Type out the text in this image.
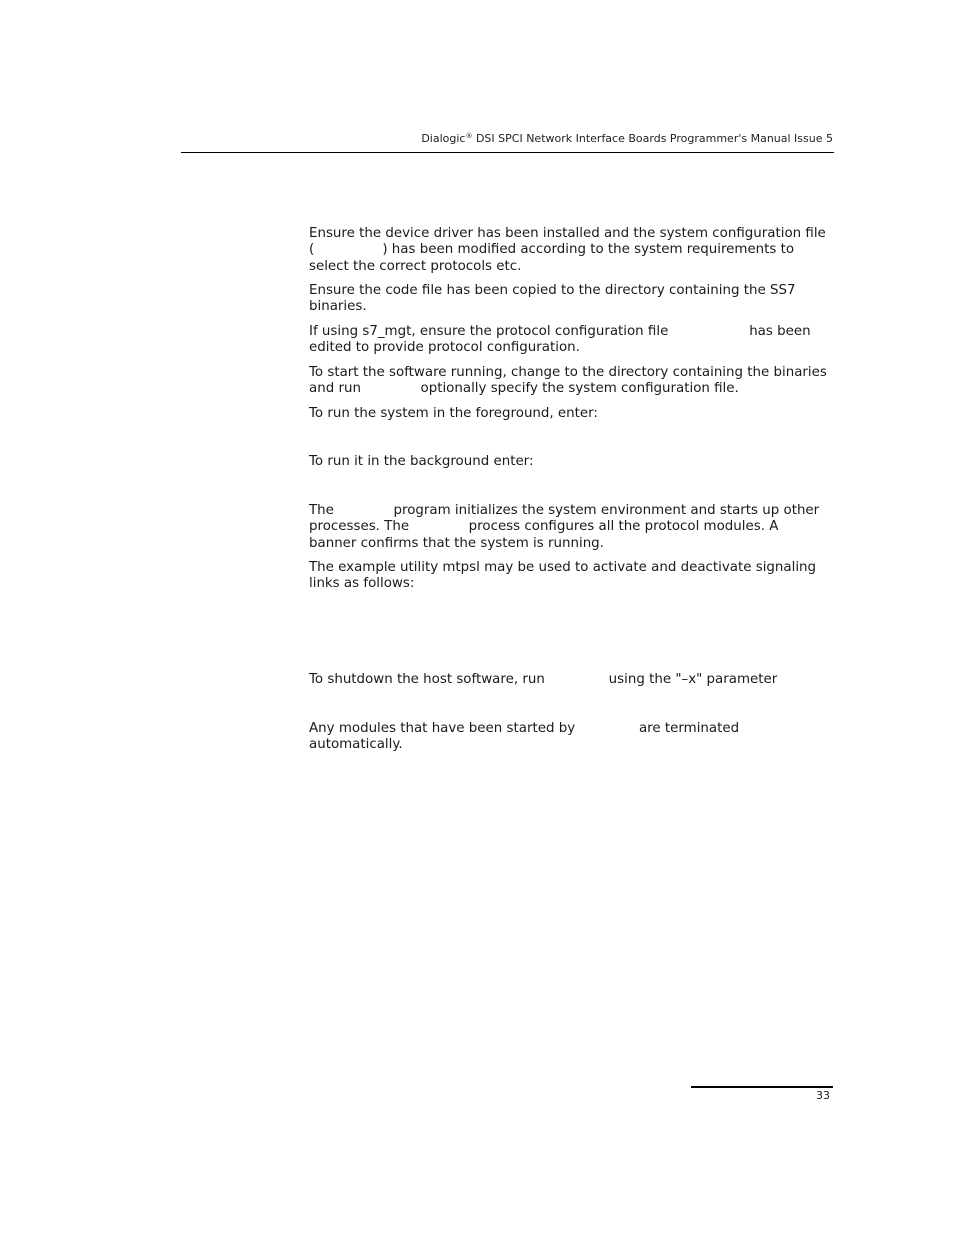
Dialogic® DSI SPCI Network Interface Boards Programmer's Manual Issue 5

Ensure the device driver has been installed and the system configuration file
(                ) has been modified according to the system requirements to
select the correct protocols etc.

Ensure the code file has been copied to the directory containing the SS7
binaries.

If using s7_mgt, ensure the protocol configuration file                   has been
edited to provide protocol configuration.

To start the software running, change to the directory containing the binaries
and run              optionally specify the system configuration file.

To run the system in the foreground, enter:

To run it in the background enter:

The              program initializes the system environment and starts up other
processes. The              process configures all the protocol modules. A
banner confirms that the system is running.

The example utility mtpsl may be used to activate and deactivate signaling
links as follows:

To shutdown the host software, run               using the "–x" parameter

Any modules that have been started by               are terminated
automatically.

33
